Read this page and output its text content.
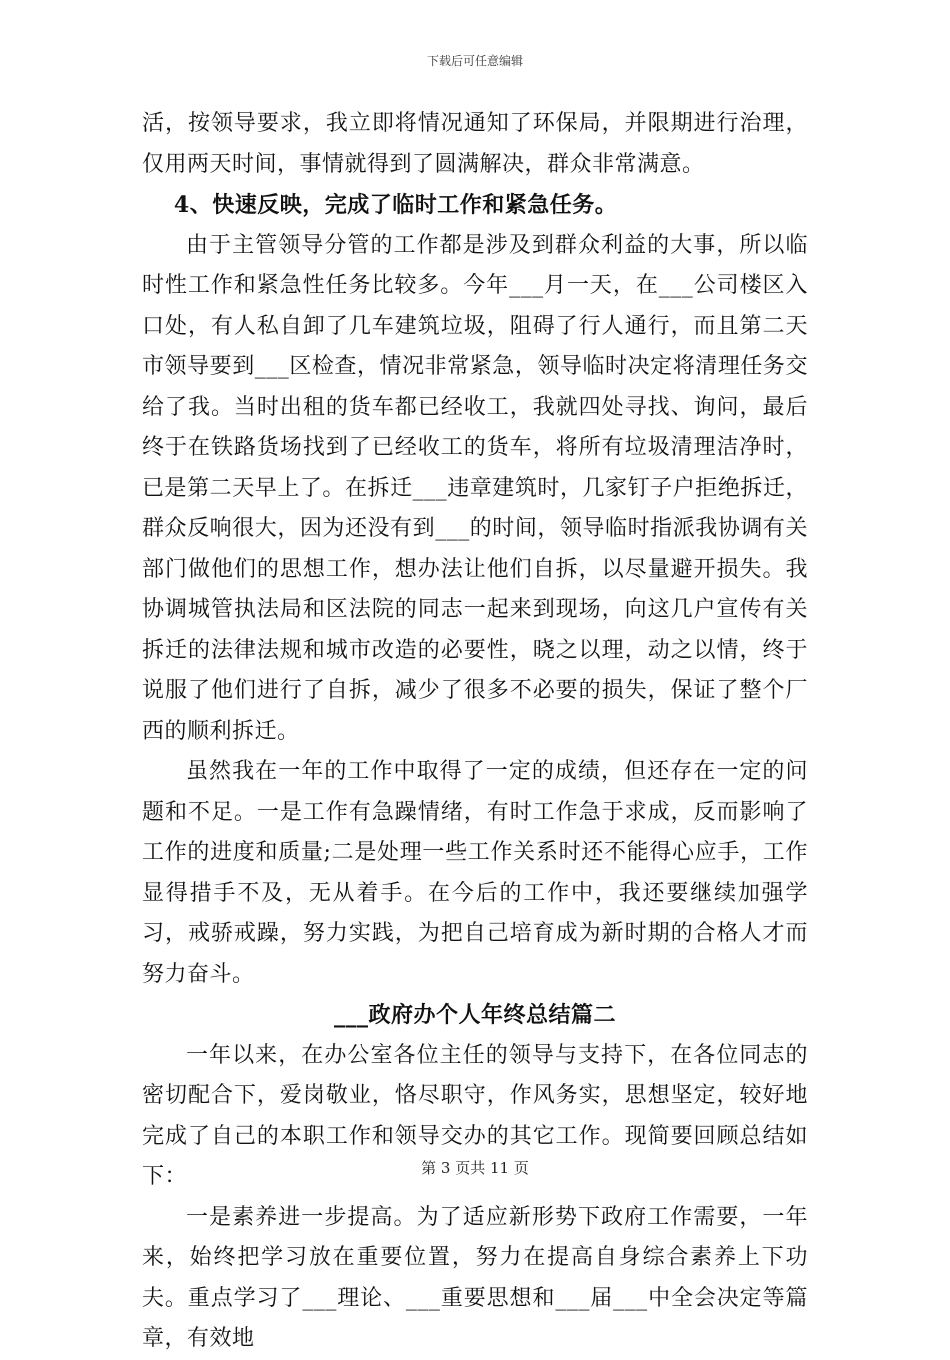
下载后可任意编辑

活，按领导要求，我立即将情况通知了环保局，并限期进行治理，仅用两天时间，事情就得到了圆满解决，群众非常满意。

4、快速反映，完成了临时工作和紧急任务。

由于主管领导分管的工作都是涉及到群众利益的大事，所以临时性工作和紧急性任务比较多。今年___月一天，在___公司楼区入口处，有人私自卸了几车建筑垃圾，阻碍了行人通行，而且第二天市领导要到___区检查，情况非常紧急，领导临时决定将清理任务交给了我。当时出租的货车都已经收工，我就四处寻找、询问，最后终于在铁路货场找到了已经收工的货车，将所有垃圾清理洁净时，已是第二天早上了。在拆迁___违章建筑时，几家钉子户拒绝拆迁，群众反响很大，因为还没有到___的时间，领导临时指派我协调有关部门做他们的思想工作，想办法让他们自拆，以尽量避开损失。我协调城管执法局和区法院的同志一起来到现场，向这几户宣传有关拆迁的法律法规和城市改造的必要性，晓之以理，动之以情，终于说服了他们进行了自拆，减少了很多不必要的损失，保证了整个厂西的顺利拆迁。

虽然我在一年的工作中取得了一定的成绩，但还存在一定的问题和不足。一是工作有急躁情绪，有时工作急于求成，反而影响了工作的进度和质量;二是处理一些工作关系时还不能得心应手，工作显得措手不及，无从着手。在今后的工作中，我还要继续加强学习，戒骄戒躁，努力实践，为把自己培育成为新时期的合格人才而努力奋斗。

___政府办个人年终总结篇二

一年以来，在办公室各位主任的领导与支持下，在各位同志的密切配合下，爱岗敬业，恪尽职守，作风务实，思想坚定，较好地完成了自己的本职工作和领导交办的其它工作。现简要回顾总结如下：

一是素养进一步提高。为了适应新形势下政府工作需要，一年来，始终把学习放在重要位置，努力在提高自身综合素养上下功夫。重点学习了___理论、___重要思想和___届___中全会决定等篇章，有效地

第 3 页共 11 页
